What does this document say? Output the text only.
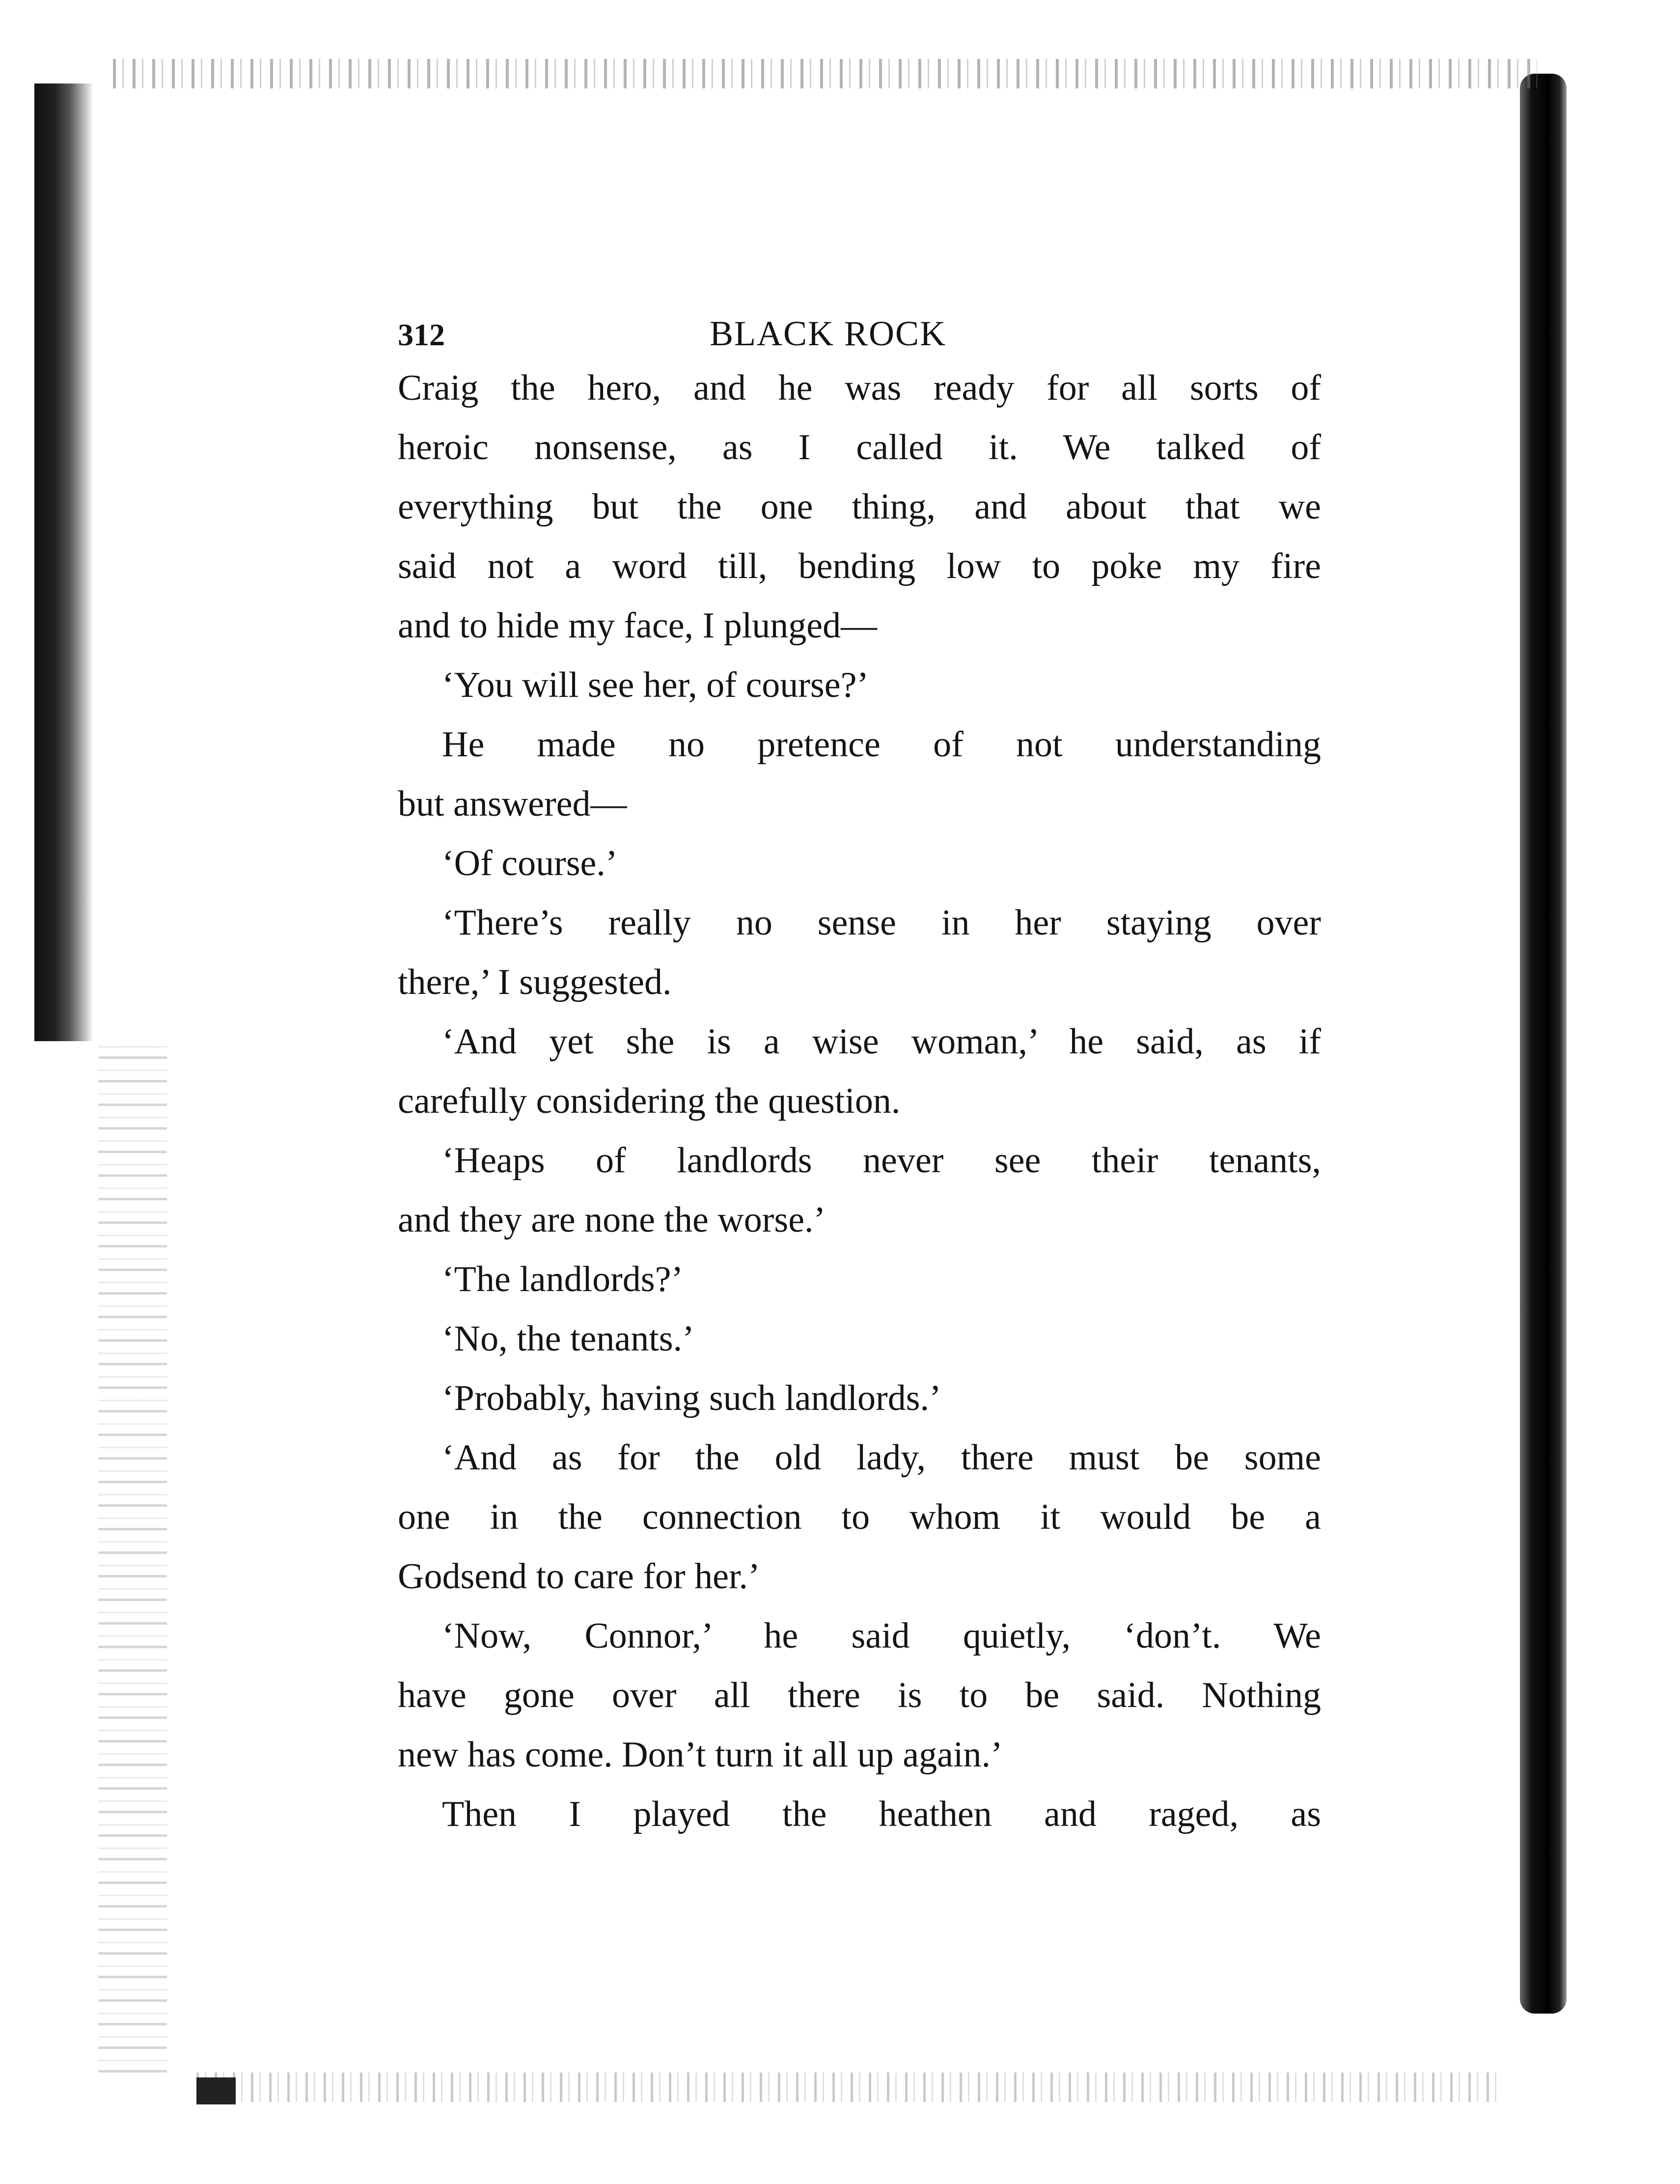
312	BLACK ROCK
Craig the hero, and he was ready for all sorts of
heroic nonsense, as I called it. We talked of
everything but the one thing, and about that we
said not a word till, bending low to poke my fire
and to hide my face, I plunged—
‘You will see her, of course?’
He made no pretence of not understanding
but answered—
‘Of course.’
‘There’s really no sense in her staying over
there,’ I suggested.
‘And yet she is a wise woman,’ he said, as if
carefully considering the question.
‘Heaps of landlords never see their tenants,
and they are none the worse.’
‘The landlords?’
‘No, the tenants.’
‘Probably, having such landlords.’
‘And as for the old lady, there must be some
one in the connection to whom it would be a
Godsend to care for her.’
‘Now, Connor,’ he said quietly, ‘don’t. We
have gone over all there is to be said. Nothing
new has come. Don’t turn it all up again.’
Then I played the heathen and raged, as
